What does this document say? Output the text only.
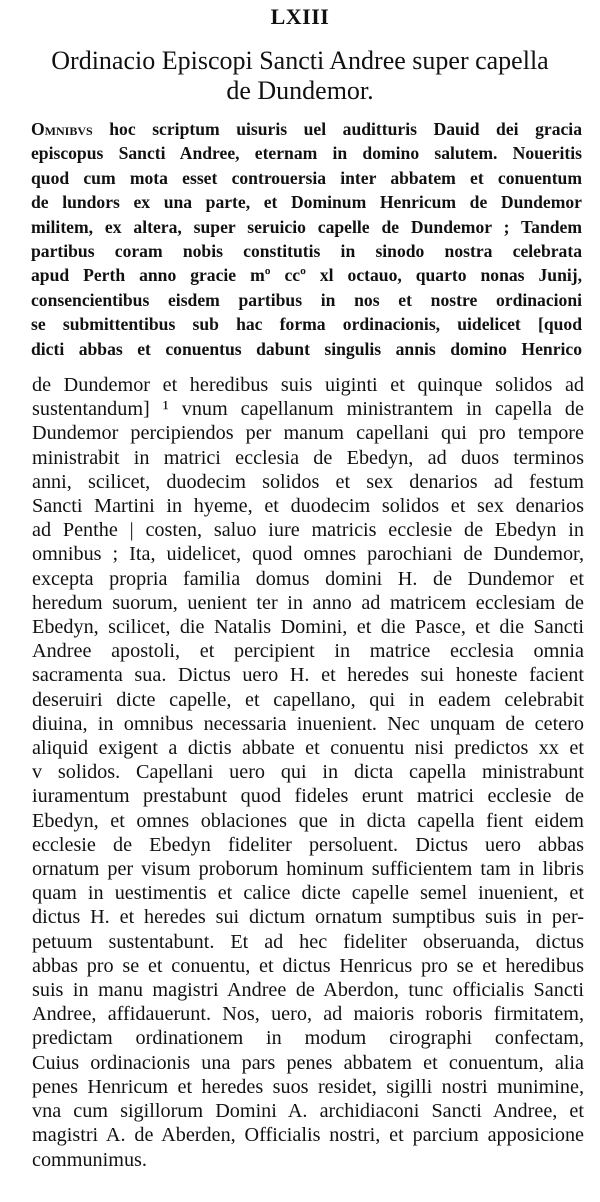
LXIII
Ordinacio Episcopi Sancti Andree super capella
de Dundemor.
Omnibvs hoc scriptum uisuris uel auditturis Dauid dei gracia
episcopus Sancti Andree, eternam in domino salutem. Noueritis
quod cum mota esset controuersia inter abbatem et conuentum
de lundors ex una parte, et Dominum Henricum de Dundemor
militem, ex altera, super seruicio capelle de Dundemor ; Tandem
partibus coram nobis constitutis in sinodo nostra celebrata
apud Perth anno gracie mº ccº xl octauo, quarto nonas Junij,
consencientibus eisdem partibus in nos et nostre ordinacioni
se submittentibus sub hac forma ordinacionis, uidelicet [quod
dicti abbas et conuentus dabunt singulis annis domino Henrico
de Dundemor et heredibus suis uiginti et quinque solidos ad
sustentandum] ¹ vnum capellanum ministrantem in capella de
Dundemor percipiendos per manum capellani qui pro tempore
ministrabit in matrici ecclesia de Ebedyn, ad duos terminos
anni, scilicet, duodecim solidos et sex denarios ad festum
Sancti Martini in hyeme, et duodecim solidos et sex denarios
ad Penthe | costen, saluo iure matricis ecclesie de Ebedyn in
omnibus ; Ita, uidelicet, quod omnes parochiani de Dundemor,
excepta propria familia domus domini H. de Dundemor et
heredum suorum, uenient ter in anno ad matricem ecclesiam de
Ebedyn, scilicet, die Natalis Domini, et die Pasce, et die Sancti
Andree apostoli, et percipient in matrice ecclesia omnia
sacramenta sua. Dictus uero H. et heredes sui honeste facient
deseruiri dicte capelle, et capellano, qui in eadem celebrabit
diuina, in omnibus necessaria inuenient. Nec unquam de cetero
aliquid exigent a dictis abbate et conuentu nisi predictos xx et
v solidos. Capellani uero qui in dicta capella ministrabunt
iuramentum prestabunt quod fideles erunt matrici ecclesie de
Ebedyn, et omnes oblaciones que in dicta capella fient eidem
ecclesie de Ebedyn fideliter persoluent. Dictus uero abbas
ornatum per visum proborum hominum sufficientem tam in libris
quam in uestimentis et calice dicte capelle semel inuenient, et
dictus H. et heredes sui dictum ornatum sumptibus suis in per-
petuum sustentabunt. Et ad hec fideliter obseruanda, dictus
abbas pro se et conuentu, et dictus Henricus pro se et heredibus
suis in manu magistri Andree de Aberdon, tunc officialis Sancti
Andree, affidauerunt. Nos, uero, ad maioris roboris firmitatem,
predictam ordinationem in modum cirographi confectam,
Cuius ordinacionis una pars penes abbatem et conuentum, alia
penes Henricum et heredes suos residet, sigilli nostri munimine,
vna cum sigillorum Domini A. archidiaconi Sancti Andree, et
magistri A. de Aberden, Officialis nostri, et parcium apposicione
communimus.
